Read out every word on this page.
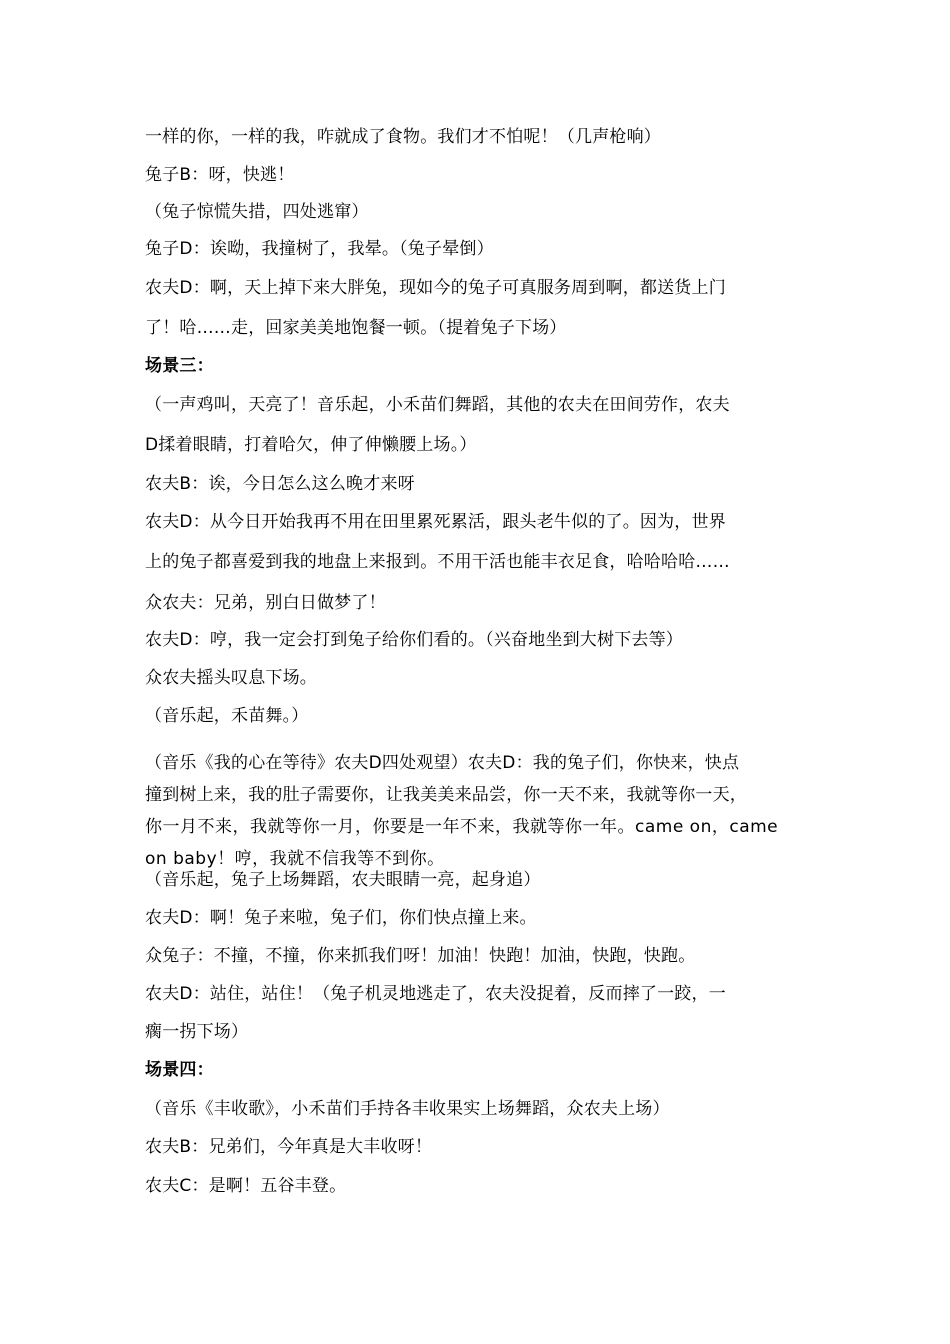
一样的你，一样的我，咋就成了食物。我们才不怕呢！（几声枪响）
兔子B：呀，快逃！
（兔子惊慌失措，四处逃窜）
兔子D：诶呦，我撞树了，我晕。（兔子晕倒）
农夫D：啊，天上掉下来大胖兔，现如今的兔子可真服务周到啊，都送货上门
了！哈……走，回家美美地饱餐一顿。（提着兔子下场）
场景三：
（一声鸡叫，天亮了！音乐起，小禾苗们舞蹈，其他的农夫在田间劳作，农夫
D揉着眼睛，打着哈欠，伸了伸懒腰上场。）
农夫B：诶，今日怎么这么晚才来呀
农夫D：从今日开始我再不用在田里累死累活，跟头老牛似的了。因为，世界
上的兔子都喜爱到我的地盘上来报到。不用干活也能丰衣足食，哈哈哈哈……
众农夫：兄弟，别白日做梦了！
农夫D：哼，我一定会打到兔子给你们看的。（兴奋地坐到大树下去等）
众农夫摇头叹息下场。
（音乐起，禾苗舞。）
（音乐《我的心在等待》农夫D四处观望）农夫D：我的兔子们，你快来，快点
撞到树上来，我的肚子需要你，让我美美来品尝，你一天不来，我就等你一天，
你一月不来，我就等你一月，你要是一年不来，我就等你一年。came on，came
on baby！哼，我就不信我等不到你。
（音乐起，兔子上场舞蹈，农夫眼睛一亮，起身追）
农夫D：啊！兔子来啦，兔子们，你们快点撞上来。
众兔子：不撞，不撞，你来抓我们呀！加油！快跑！加油，快跑，快跑。
农夫D：站住，站住！（兔子机灵地逃走了，农夫没捉着，反而摔了一跤，一
瘸一拐下场）
场景四：
（音乐《丰收歌》，小禾苗们手持各丰收果实上场舞蹈，众农夫上场）
农夫B：兄弟们，今年真是大丰收呀！
农夫C：是啊！五谷丰登。
